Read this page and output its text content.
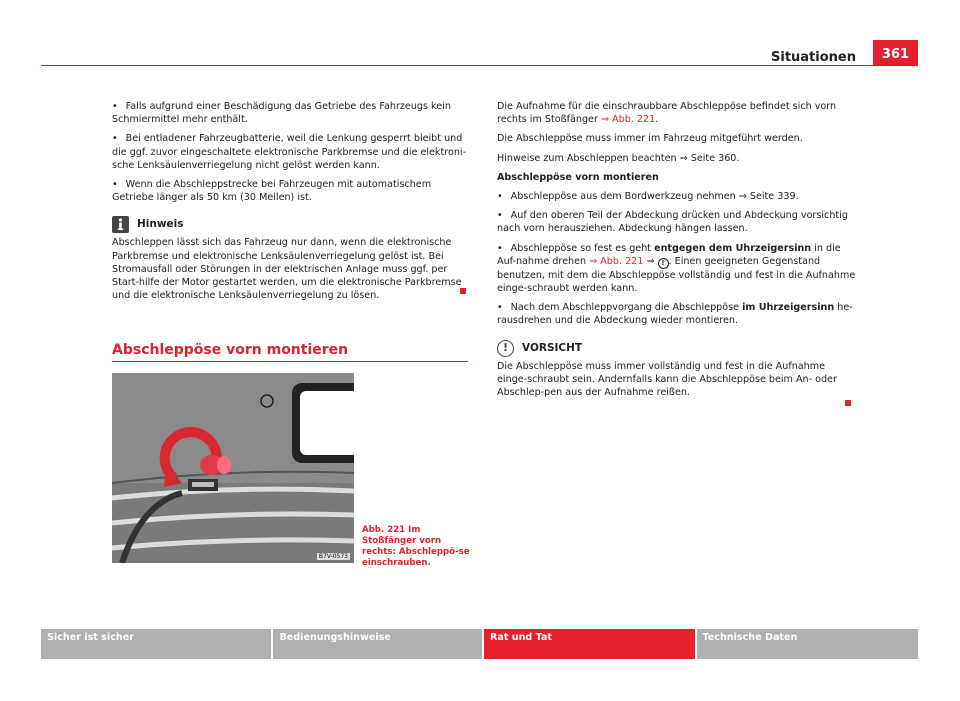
Situationen	361

• Falls aufgrund einer Beschädigung das Getriebe des Fahrzeugs kein Schmiermittel mehr enthält.

• Bei entladener Fahrzeugbatterie, weil die Lenkung gesperrt bleibt und die ggf. zuvor eingeschaltete elektronische Parkbremse und die elektroni-sche Lenksäulenverriegelung nicht gelöst werden kann.

• Wenn die Abschleppstrecke bei Fahrzeugen mit automatischem Getriebe länger als 50 km (30 Meilen) ist.

Hinweis

Abschleppen lässt sich das Fahrzeug nur dann, wenn die elektronische Parkbremse und elektronische Lenksäulenverriegelung gelöst ist. Bei Stromausfall oder Störungen in der elektrischen Anlage muss ggf. per Start-hilfe der Motor gestartet werden, um die elektronische Parkbremse und die elektronische Lenksäulenverriegelung zu lösen.

Abschleppöse vorn montieren
B7V-0573
Abb. 221 Im Stoßfänger vorn rechts: Abschleppö-se einschrauben.

Die Aufnahme für die einschraubbare Abschleppöse befindet sich vorn rechts im Stoßfänger ⇒ Abb. 221.

Die Abschleppöse muss immer im Fahrzeug mitgeführt werden.

Hinweise zum Abschleppen beachten ⇒ Seite 360.

Abschleppöse vorn montieren

• Abschleppöse aus dem Bordwerkzeug nehmen ⇒ Seite 339.

• Auf den oberen Teil der Abdeckung drücken und Abdeckung vorsichtig nach vorn herausziehen. Abdeckung hängen lassen.

• Abschleppöse so fest es geht entgegen dem Uhrzeigersinn in die Auf-nahme drehen ⇒ Abb. 221 ⇒ ! . Einen geeigneten Gegenstand benutzen, mit dem die Abschleppöse vollständig und fest in die Aufnahme einge-schraubt werden kann.

• Nach dem Abschleppvorgang die Abschleppöse im Uhrzeigersinn he-rausdrehen und die Abdeckung wieder montieren.

!	VORSICHT

Die Abschleppöse muss immer vollständig und fest in die Aufnahme einge-schraubt sein. Andernfalls kann die Abschleppöse beim An- oder Abschlep-pen aus der Aufnahme reißen.

Sicher ist sicher	Bedienungshinweise	Rat und Tat	Technische Daten
